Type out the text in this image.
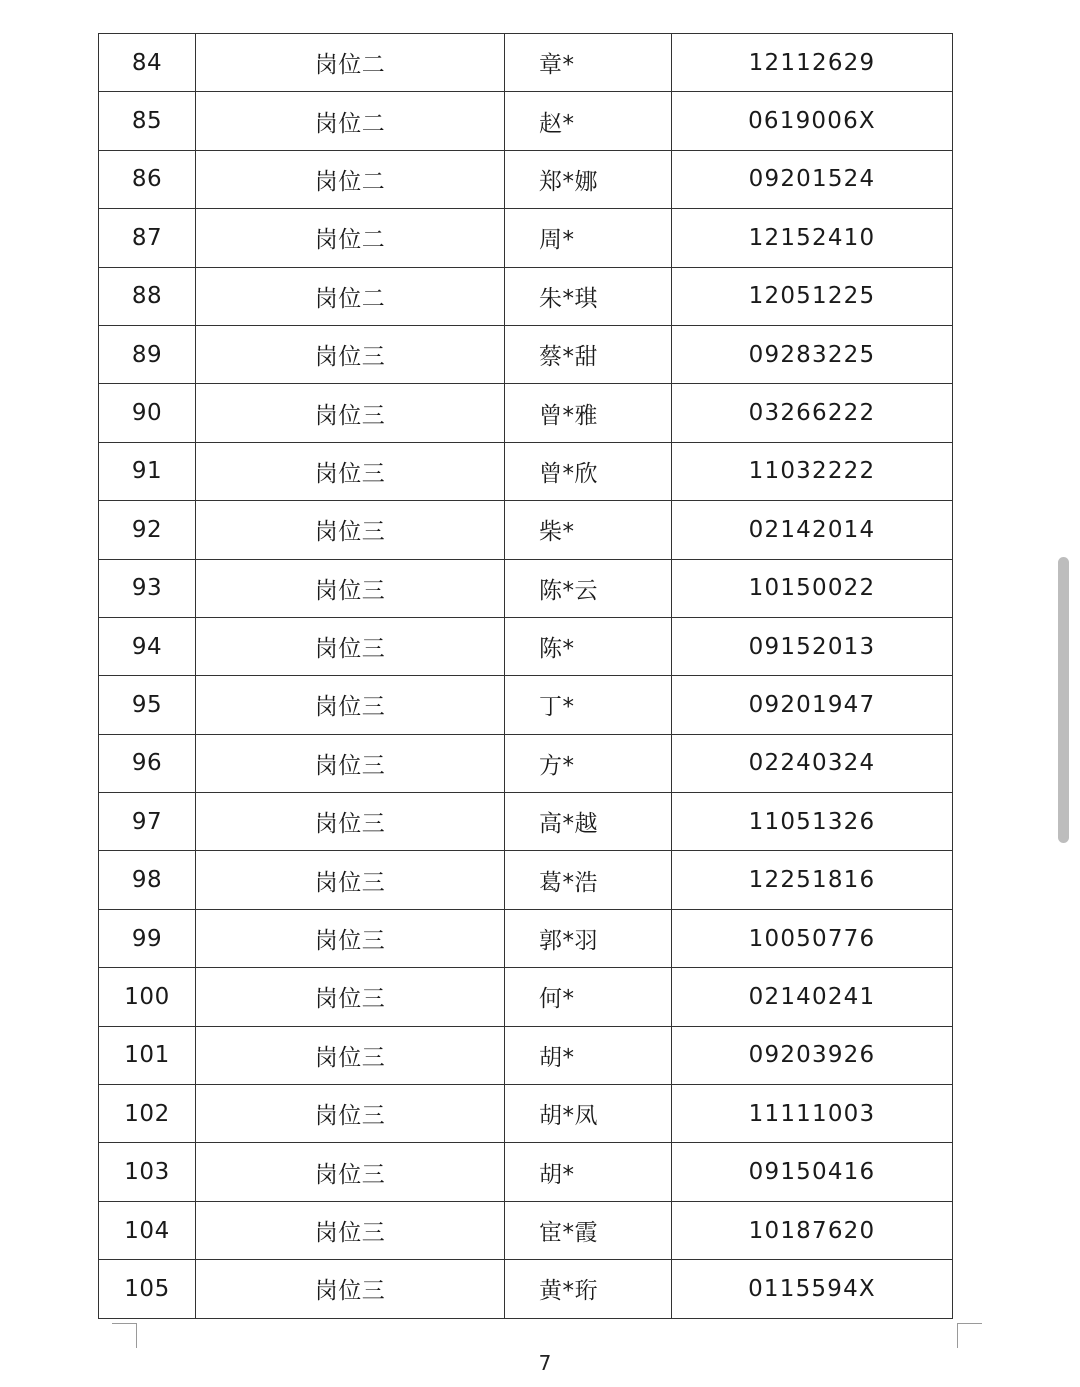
84	岗位二	章*	12112629
85	岗位二	赵*	0619006X
86	岗位二	郑*娜	09201524
87	岗位二	周*	12152410
88	岗位二	朱*琪	12051225
89	岗位三	蔡*甜	09283225
90	岗位三	曾*雅	03266222
91	岗位三	曾*欣	11032222
92	岗位三	柴*	02142014
93	岗位三	陈*云	10150022
94	岗位三	陈*	09152013
95	岗位三	丁*	09201947
96	岗位三	方*	02240324
97	岗位三	高*越	11051326
98	岗位三	葛*浩	12251816
99	岗位三	郭*羽	10050776
100	岗位三	何*	02140241
101	岗位三	胡*	09203926
102	岗位三	胡*凤	11111003
103	岗位三	胡*	09150416
104	岗位三	宦*霞	10187620
105	岗位三	黄*珩	0115594X
7
